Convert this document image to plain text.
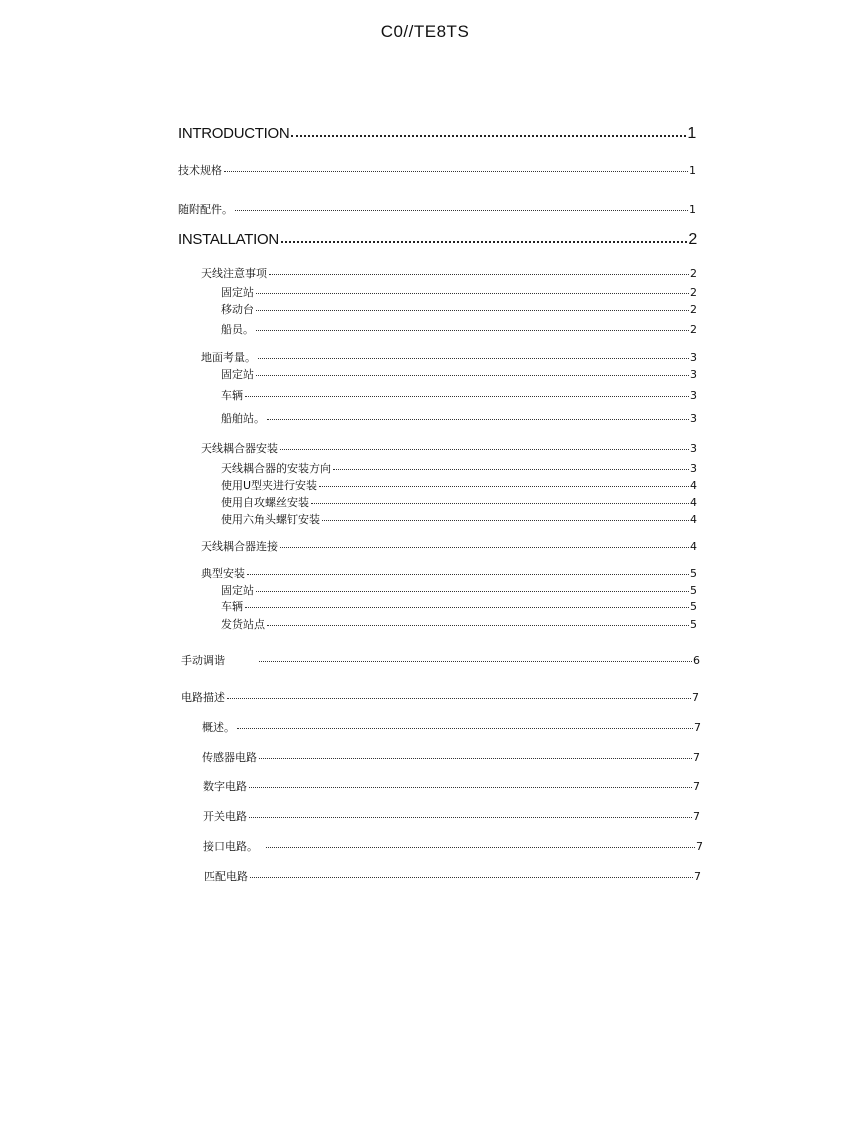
C0//TE8TS
INTRODUCTION	1
技术规格	1
随附配件。	1
INSTALLATION	2
天线注意事项	2
固定站	2
移动台	2
船员。	2
地面考量。	3
固定站	3
车辆	3
船舶站。	3
天线耦合器安装	3
天线耦合器的安装方向	3
使用U型夹进行安装	4
使用自攻螺丝安装	4
使用六角头螺钉安装	4
天线耦合器连接	4
典型安装	5
固定站	5
车辆	5
发货站点	5
手动调谐	6
电路描述	7
概述。	7
传感器电路	7
数字电路	7
开关电路	7
接口电路。	7
匹配电路	7
